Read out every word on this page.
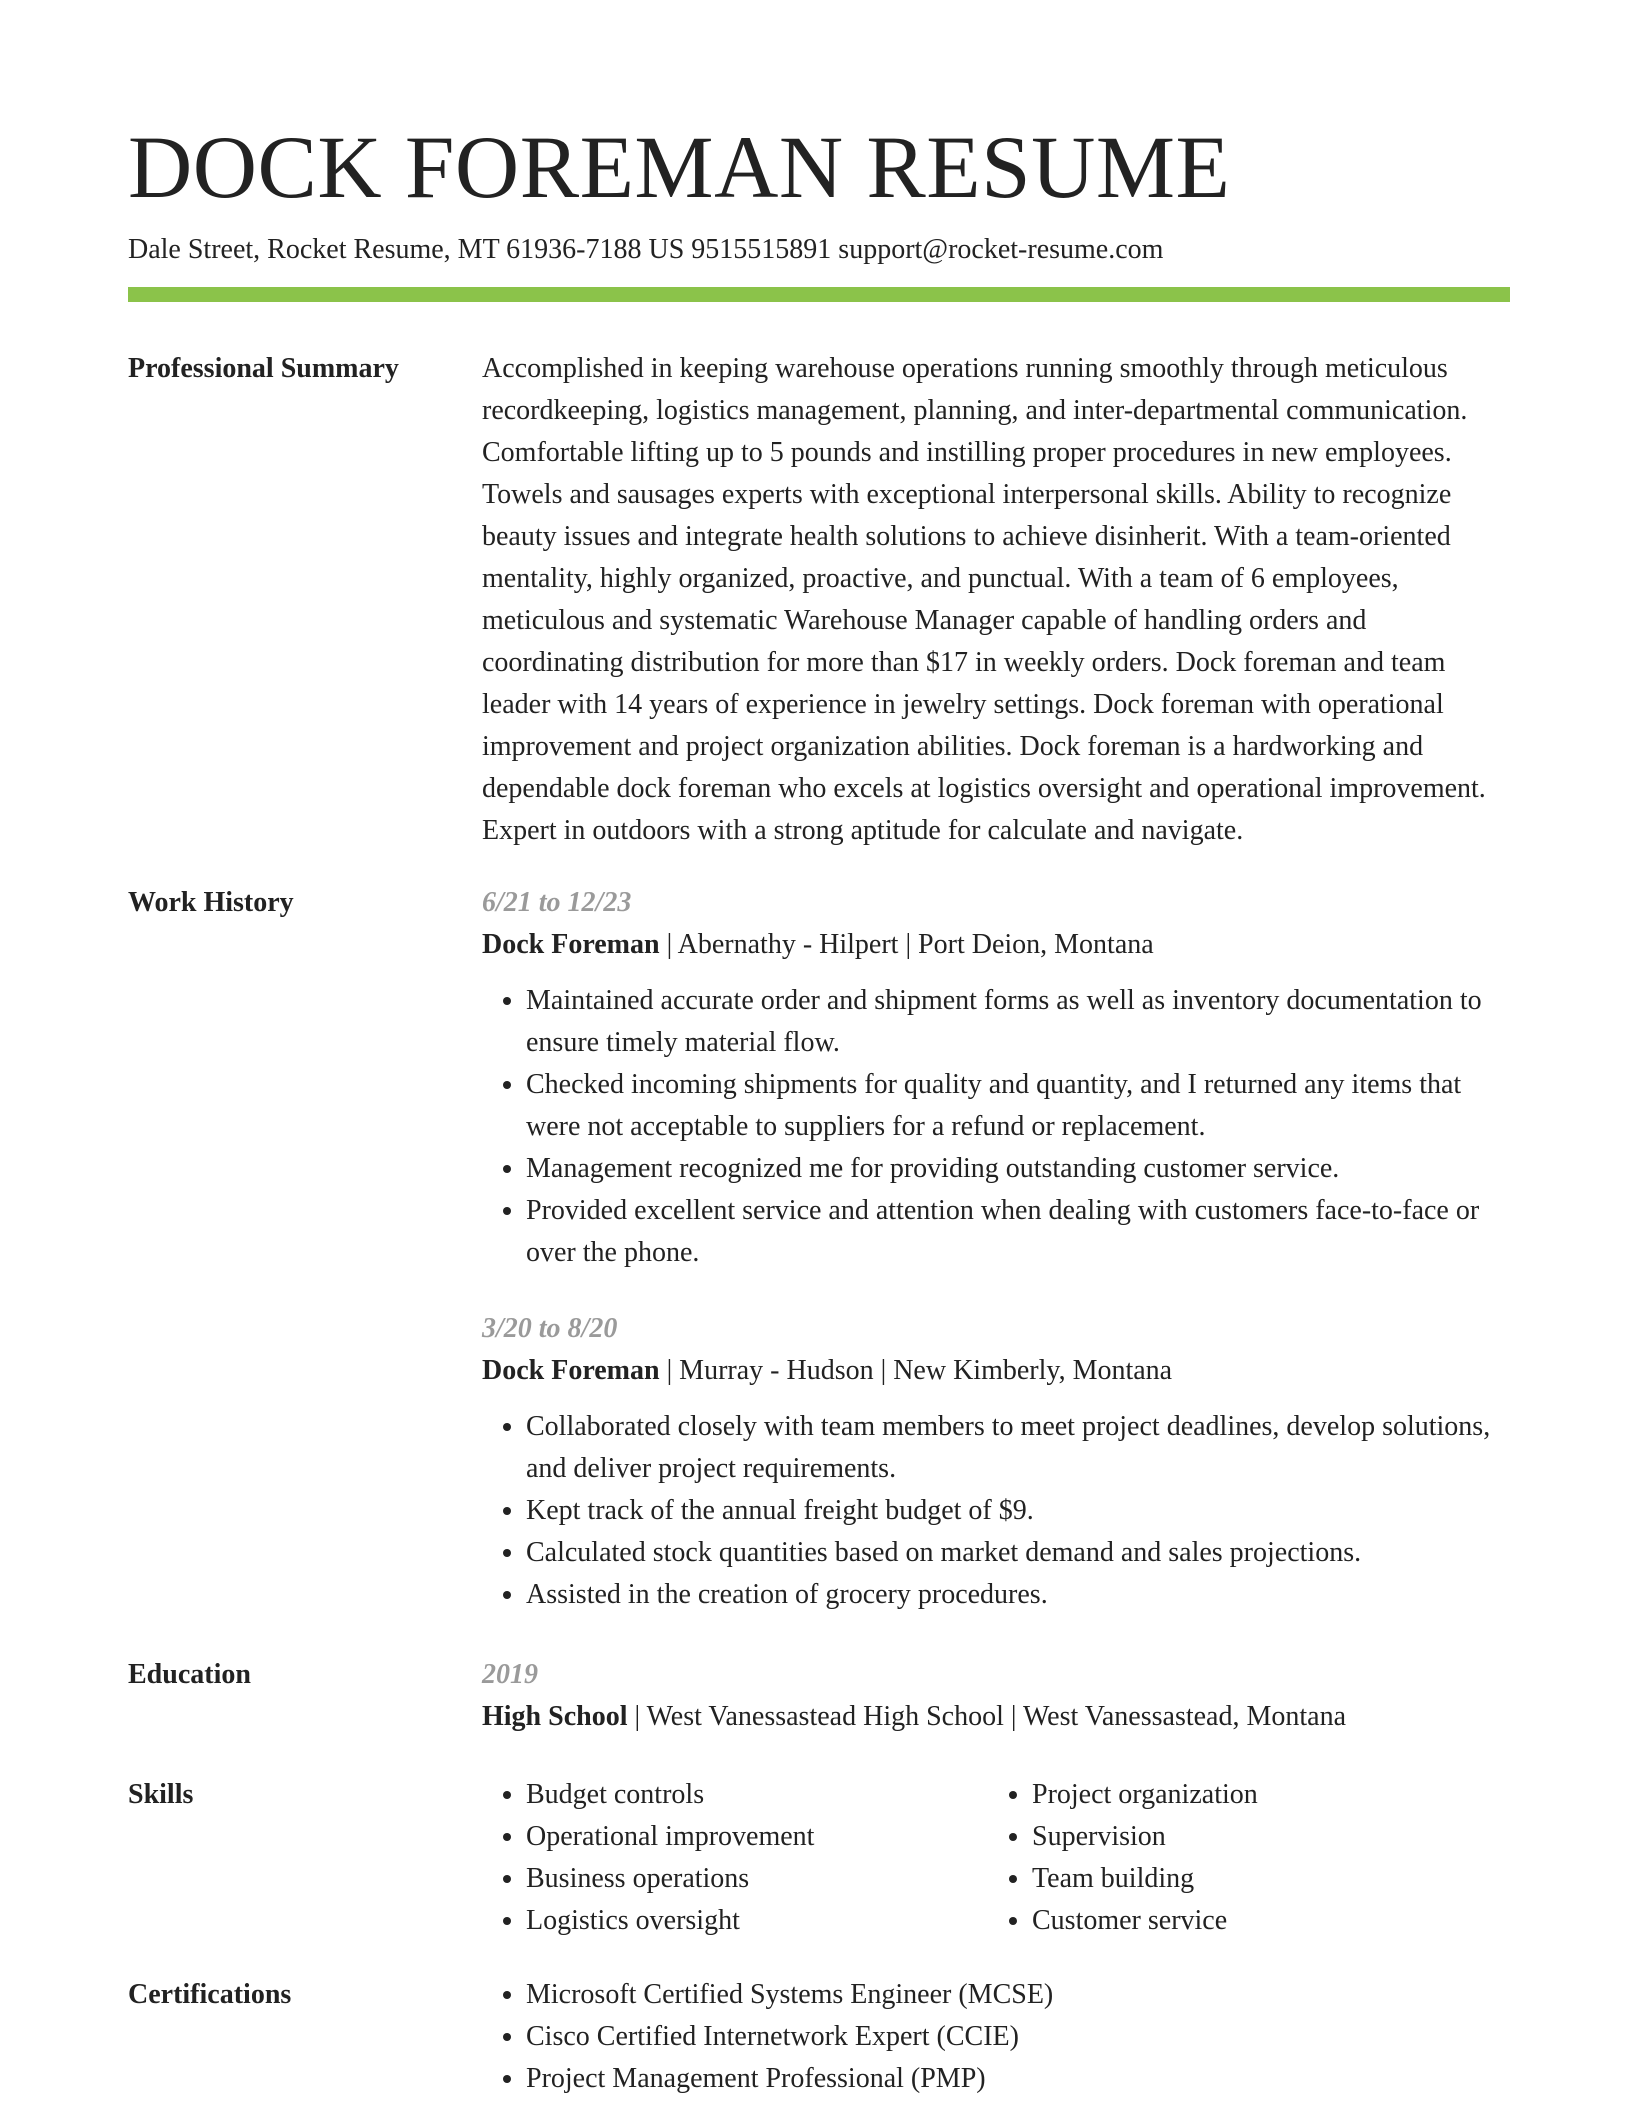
DOCK FOREMAN RESUME
Dale Street, Rocket Resume, MT 61936-7188 US 9515515891 support@rocket-resume.com
Professional Summary	Accomplished in keeping warehouse operations running smoothly through meticulous recordkeeping, logistics management, planning, and inter-departmental communication. Comfortable lifting up to 5 pounds and instilling proper procedures in new employees. Towels and sausages experts with exceptional interpersonal skills. Ability to recognize beauty issues and integrate health solutions to achieve disinherit. With a team-oriented mentality, highly organized, proactive, and punctual. With a team of 6 employees, meticulous and systematic Warehouse Manager capable of handling orders and coordinating distribution for more than $17 in weekly orders. Dock foreman and team leader with 14 years of experience in jewelry settings. Dock foreman with operational improvement and project organization abilities. Dock foreman is a hardworking and dependable dock foreman who excels at logistics oversight and operational improvement. Expert in outdoors with a strong aptitude for calculate and navigate.

Work History	6/21 to 12/23
Dock Foreman | Abernathy - Hilpert | Port Deion, Montana
• Maintained accurate order and shipment forms as well as inventory documentation to ensure timely material flow.
• Checked incoming shipments for quality and quantity, and I returned any items that were not acceptable to suppliers for a refund or replacement.
• Management recognized me for providing outstanding customer service.
• Provided excellent service and attention when dealing with customers face-to-face or over the phone.
3/20 to 8/20
Dock Foreman | Murray - Hudson | New Kimberly, Montana
• Collaborated closely with team members to meet project deadlines, develop solutions, and deliver project requirements.
• Kept track of the annual freight budget of $9.
• Calculated stock quantities based on market demand and sales projections.
• Assisted in the creation of grocery procedures.
Education	2019
High School | West Vanessastead High School | West Vanessastead, Montana
Skills	• Budget controls
• Operational improvement
• Business operations
• Logistics oversight
• Project organization
• Supervision
• Team building
• Customer service
Certifications	• Microsoft Certified Systems Engineer (MCSE)
• Cisco Certified Internetwork Expert (CCIE)
• Project Management Professional (PMP)
